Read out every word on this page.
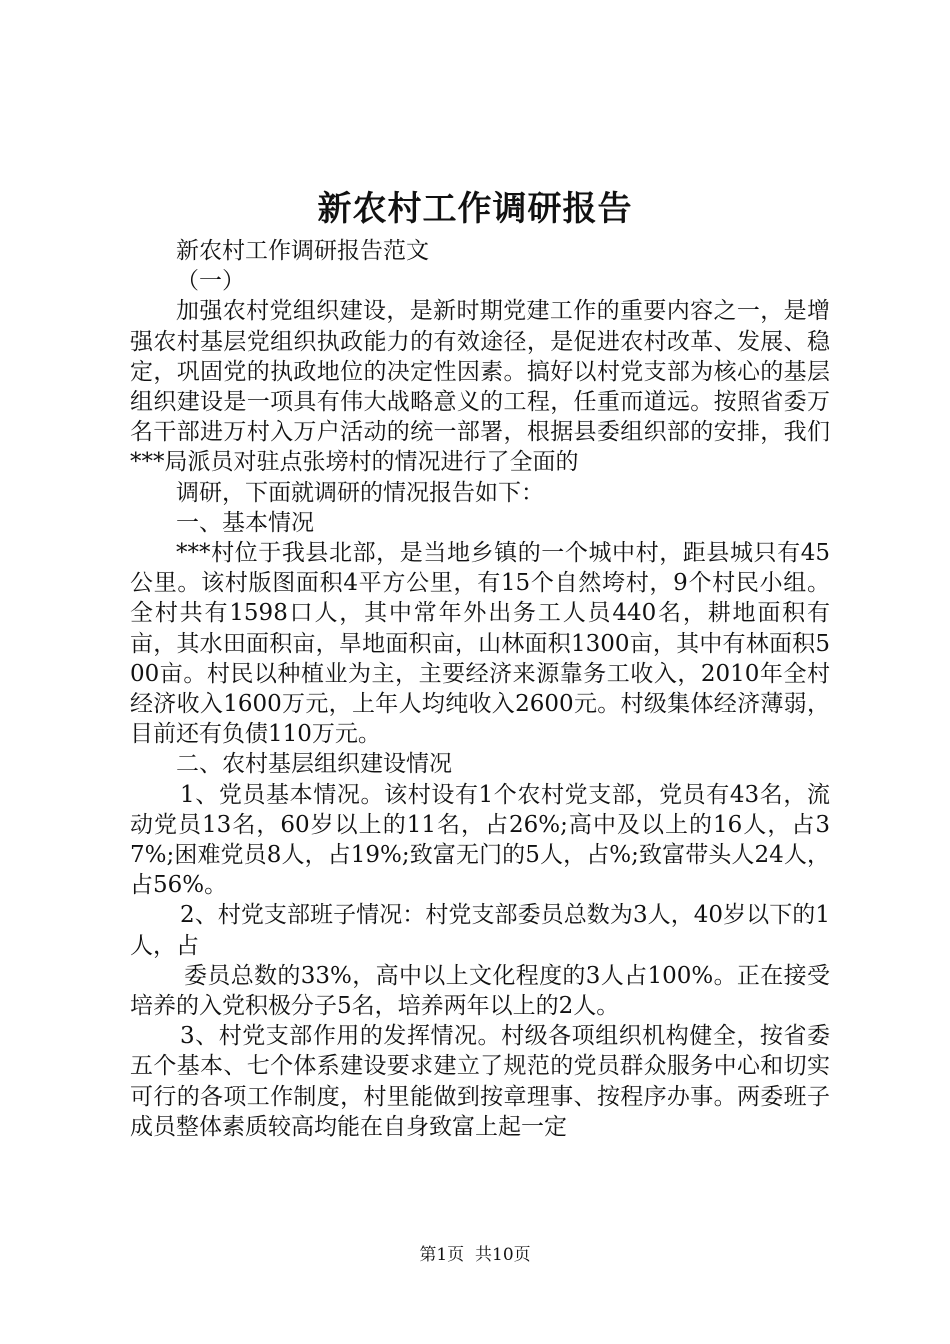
新农村工作调研报告

新农村工作调研报告范文

（一）

加强农村党组织建设，是新时期党建工作的重要内容之一，是增强农村基层党组织执政能力的有效途径，是促进农村改革、发展、稳定，巩固党的执政地位的决定性因素。搞好以村党支部为核心的基层组织建设是一项具有伟大战略意义的工程，任重而道远。按照省委万名干部进万村入万户活动的统一部署，根据县委组织部的安排，我们***局派员对驻点张塝村的情况进行了全面的

调研，下面就调研的情况报告如下：

一、基本情况

***村位于我县北部，是当地乡镇的一个城中村，距县城只有45公里。该村版图面积4平方公里，有15个自然垮村，9个村民小组。全村共有1598口人，其中常年外出务工人员440名，耕地面积有亩，其水田面积亩，旱地面积亩，山林面积1300亩，其中有林面积500亩。村民以种植业为主，主要经济来源靠务工收入，2010年全村经济收入1600万元，上年人均纯收入2600元。村级集体经济薄弱，目前还有负债110万元。

二、农村基层组织建设情况

1、党员基本情况。该村设有1个农村党支部，党员有43名，流动党员13名，60岁以上的11名，占26%;高中及以上的16人，占37%;困难党员8人，占19%;致富无门的5人，占%;致富带头人24人，占56%。

2、村党支部班子情况：村党支部委员总数为3人，40岁以下的1人，占

委员总数的33%，高中以上文化程度的3人占100%。正在接受培养的入党积极分子5名，培养两年以上的2人。

3、村党支部作用的发挥情况。村级各项组织机构健全，按省委五个基本、七个体系建设要求建立了规范的党员群众服务中心和切实可行的各项工作制度，村里能做到按章理事、按程序办事。两委班子成员整体素质较高均能在自身致富上起一定

第1页 共10页
